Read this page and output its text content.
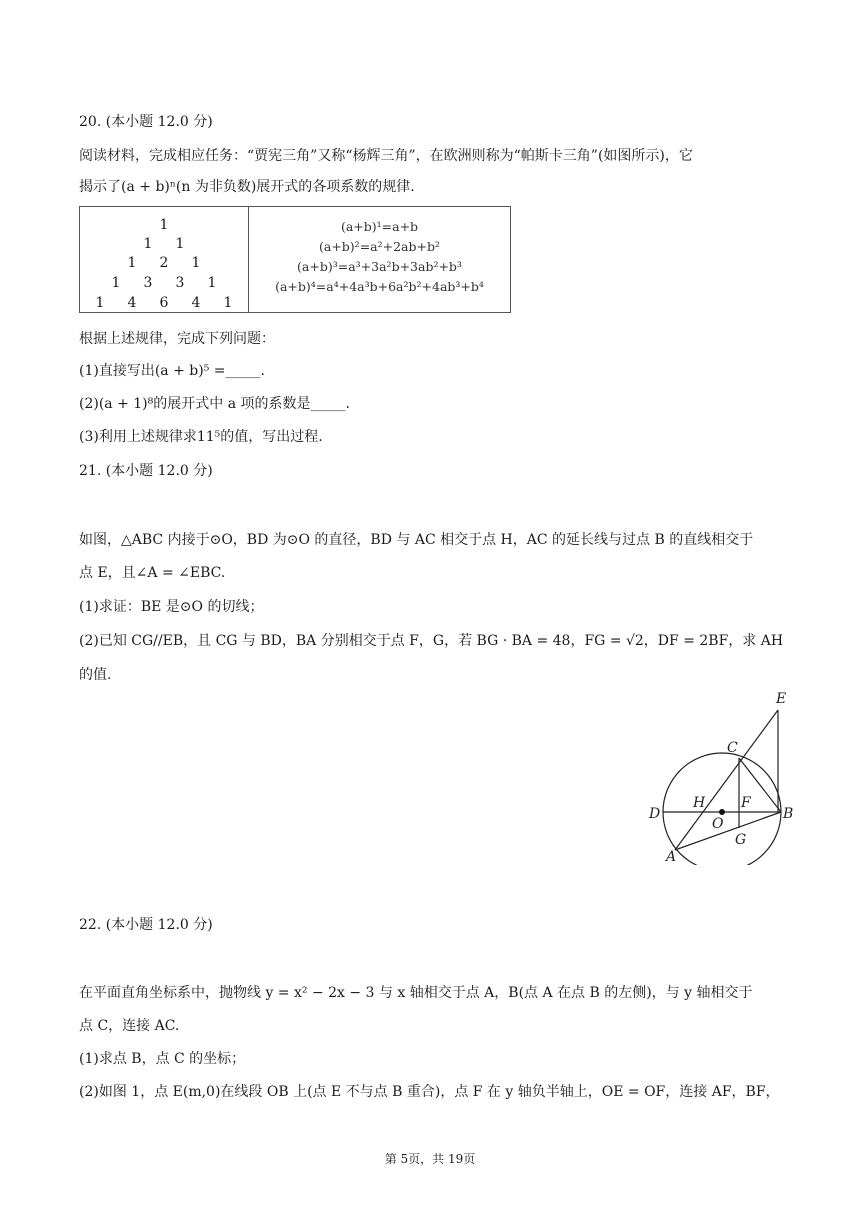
20. (本小题 12.0 分)
阅读材料，完成相应任务：“贾宪三角”又称“杨辉三角”，在欧洲则称为“帕斯卡三角”(如图所示)，它
揭示了(a + b)ⁿ(n 为非负数)展开式的各项系数的规律.
1
1 1
1 2 1
1 3 3 1
1 4 6 4 1
(a+b)¹=a+b
(a+b)²=a²+2ab+b²
(a+b)³=a³+3a²b+3ab²+b³
(a+b)⁴=a⁴+4a³b+6a²b²+4ab³+b⁴
根据上述规律，完成下列问题：
(1)直接写出(a + b)⁵ =_____.
(2)(a + 1)⁸的展开式中 a 项的系数是_____.
(3)利用上述规律求11⁵的值，写出过程.
21. (本小题 12.0 分)
如图，△ABC 内接于⊙O，BD 为⊙O 的直径，BD 与 AC 相交于点 H，AC 的延长线与过点 B 的直线相交于
点 E，且∠A = ∠EBC.
(1)求证：BE 是⊙O 的切线；
(2)已知 CG//EB，且 CG 与 BD，BA 分别相交于点 F，G，若 BG · BA = 48，FG = √2，DF = 2BF，求 AH
的值.
E
C
H	F
D
O
B
G
A
22. (本小题 12.0 分)
在平面直角坐标系中，抛物线 y = x² − 2x − 3 与 x 轴相交于点 A，B(点 A 在点 B 的左侧)，与 y 轴相交于
点 C，连接 AC.
(1)求点 B，点 C 的坐标；
(2)如图 1，点 E(m,0)在线段 OB 上(点 E 不与点 B 重合)，点 F 在 y 轴负半轴上，OE = OF，连接 AF，BF，
第 5页，共 19页
